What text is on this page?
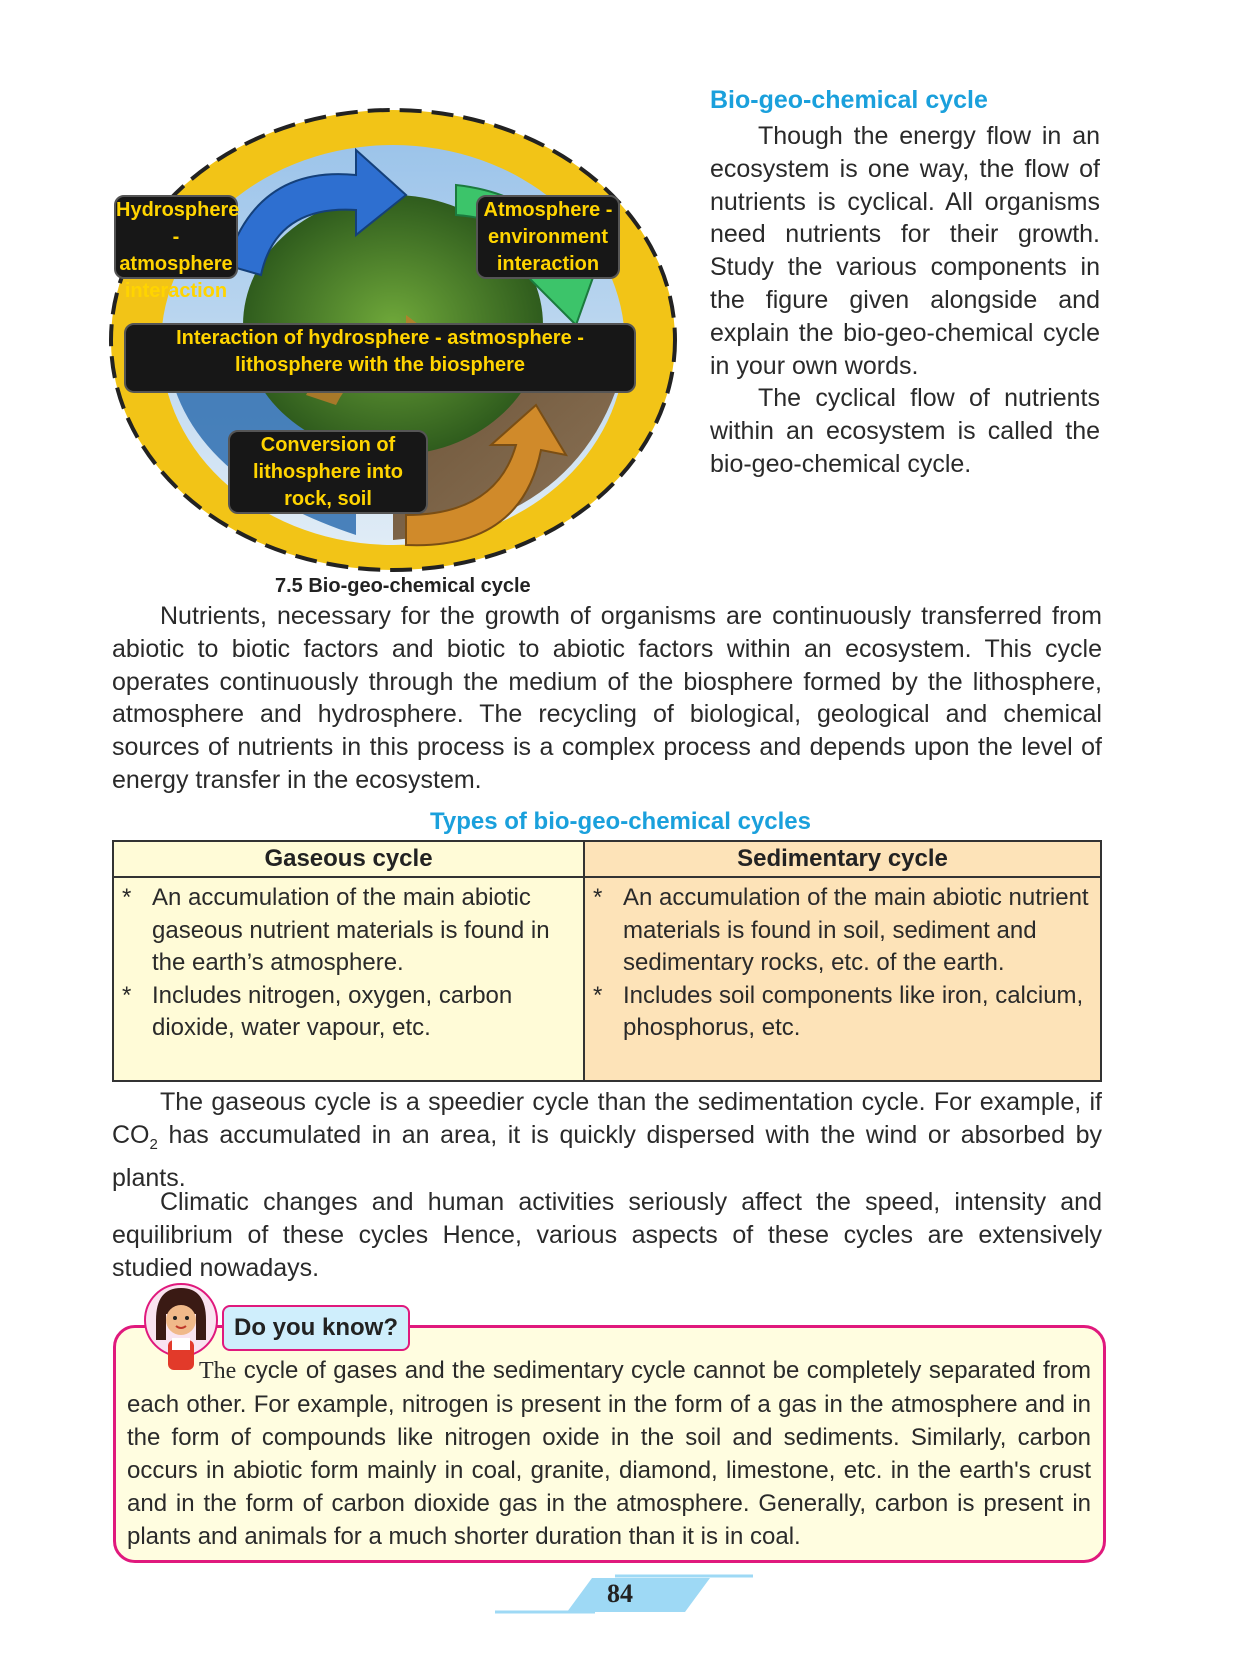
Hydrosphere - atmosphere interaction
Atmosphere - environment interaction
Interaction of hydrosphere - astmosphere - lithosphere with the biosphere
Conversion of lithosphere into rock, soil
7.5 Bio-geo-chemical cycle
Bio-geo-chemical cycle
Though the energy flow in an ecosystem is one way, the flow of nutrients is cyclical. All organisms need nutrients for their growth. Study the various components in the figure given alongside and explain the bio-geo-chemical cycle in your own words.
The cyclical flow of nutrients within an ecosystem is called the bio-geo-chemical cycle.
Nutrients, necessary for the growth of organisms are continuously transferred from abiotic to biotic factors and biotic to abiotic factors within an ecosystem. This cycle operates continuously through the medium of the biosphere formed by the lithosphere, atmosphere and hydrosphere. The recycling of biological, geological and chemical sources of nutrients in this process is a complex process and depends upon the level of energy transfer in the ecosystem.
Types of bio-geo-chemical cycles
Gaseous cycle
* An accumulation of the main abiotic gaseous nutrient materials is found in the earth’s atmosphere.
* Includes nitrogen, oxygen, carbon dioxide, water vapour, etc.
Sedimentary cycle
* An accumulation of the main abiotic nutrient materials is found in soil, sediment and sedimentary rocks, etc. of the earth.
* Includes soil components like iron, calcium, phosphorus, etc.
The gaseous cycle is a speedier cycle than the sedimentation cycle. For example, if $CO_2$ has accumulated in an area, it is quickly dispersed with the wind or absorbed by plants.
Climatic changes and human activities seriously affect the speed, intensity and equilibrium of these cycles Hence, various aspects of these cycles are extensively studied nowadays.
Do you know?
The cycle of gases and the sedimentary cycle cannot be completely separated from each other. For example, nitrogen is present in the form of a gas in the atmosphere and in the form of compounds like nitrogen oxide in the soil and sediments. Similarly, carbon occurs in abiotic form mainly in coal, granite, diamond, limestone, etc. in the earth's crust and in the form of carbon dioxide gas in the atmosphere. Generally, carbon is present in plants and animals for a much shorter duration than it is in coal.
84
